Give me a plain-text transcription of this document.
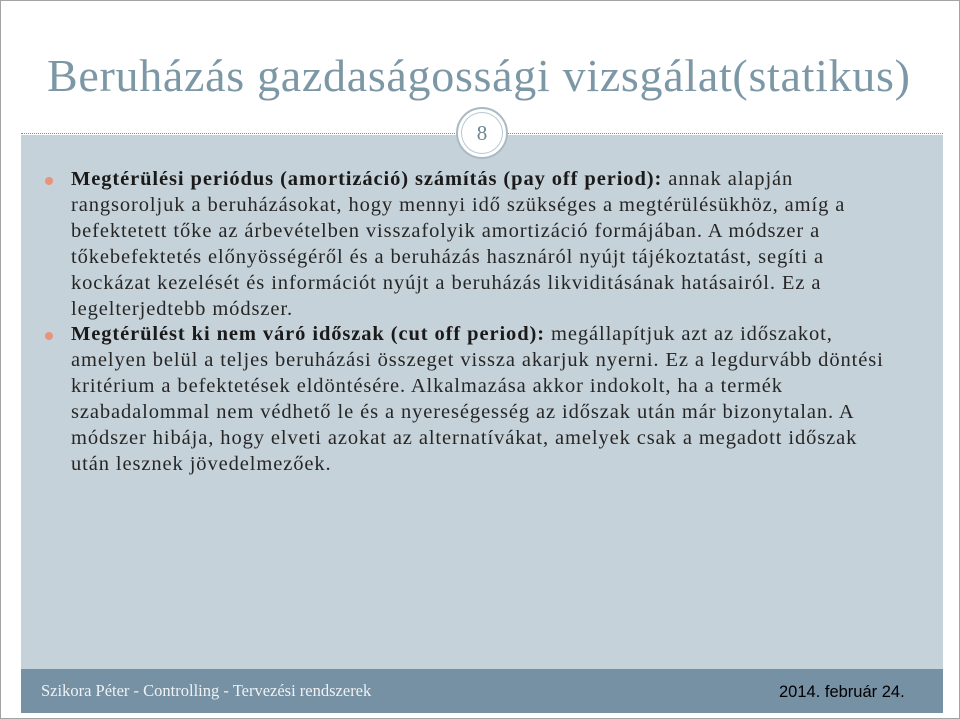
Beruházás gazdaságossági vizsgálat(statikus)
8
Megtérülési periódus (amortizáció) számítás (pay off period): annak alapján
rangsoroljuk a beruházásokat, hogy mennyi idő szükséges a megtérülésükhöz, amíg a
befektetett tőke az árbevételben visszafolyik amortizáció formájában. A módszer a
tőkebefektetés előnyösségéről és a beruházás hasznáról nyújt tájékoztatást, segíti a
kockázat kezelését és információt nyújt a beruházás likviditásának hatásairól. Ez a
legelterjedtebb módszer.
Megtérülést ki nem váró időszak (cut off period): megállapítjuk azt az időszakot,
amelyen belül a teljes beruházási összeget vissza akarjuk nyerni. Ez a legdurvább döntési
kritérium a befektetések eldöntésére. Alkalmazása akkor indokolt, ha a termék
szabadalommal nem védhető le és a nyereségesség az időszak után már bizonytalan. A
módszer hibája, hogy elveti azokat az alternatívákat, amelyek csak a megadott időszak
után lesznek jövedelmezőek.
Szikora Péter - Controlling - Tervezési rendszerek	2014. február 24.
